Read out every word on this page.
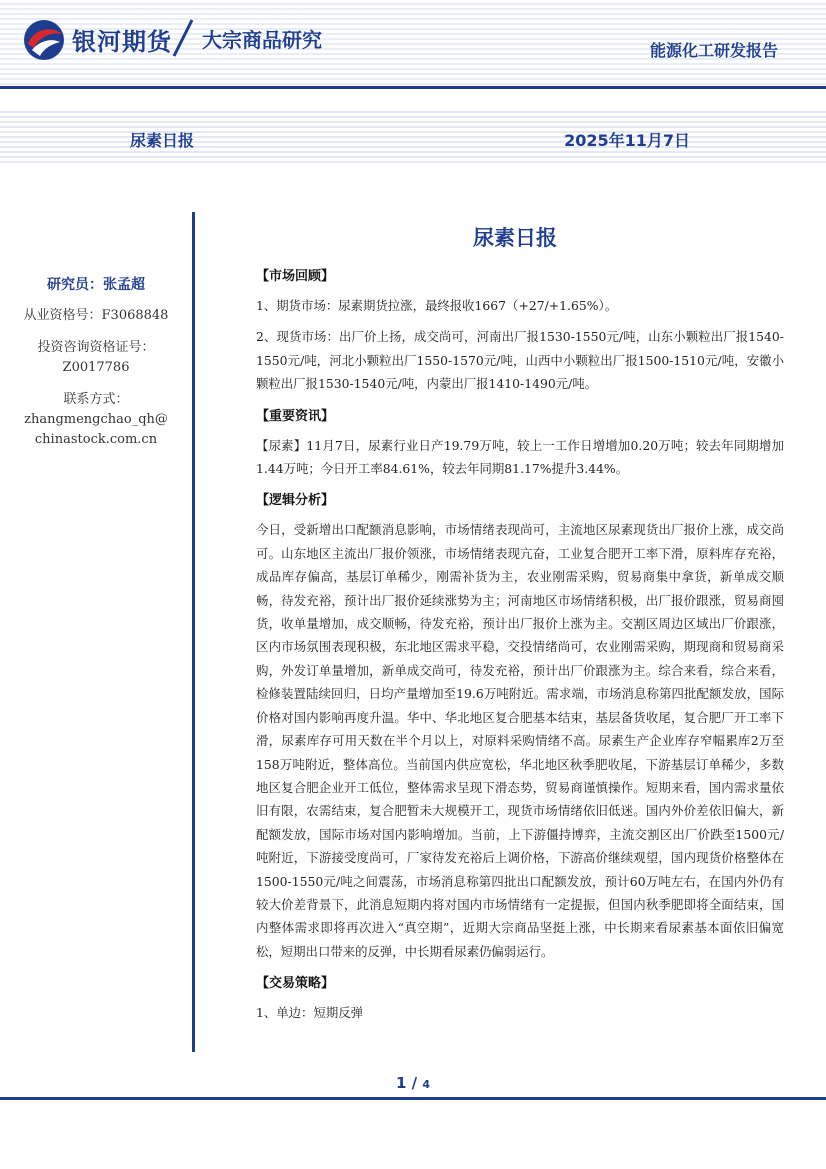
银河期货 大宗商品研究	能源化工研发报告
尿素日报	2025年11月7日
研究员：张孟超
从业资格号：F3068848
投资咨询资格证号：
Z0017786
联系方式：
zhangmengchao_qh@
chinastock.com.cn
尿素日报
【市场回顾】
1、期货市场：尿素期货拉涨，最终报收1667（+27/+1.65%）。
2、现货市场：出厂价上扬，成交尚可，河南出厂报1530-1550元/吨，山东小颗粒出厂报1540-1550元/吨，河北小颗粒出厂1550-1570元/吨，山西中小颗粒出厂报1500-1510元/吨，安徽小颗粒出厂报1530-1540元/吨，内蒙出厂报1410-1490元/吨。
【重要资讯】
【尿素】11月7日，尿素行业日产19.79万吨，较上一工作日增增加0.20万吨；较去年同期增加1.44万吨；今日开工率84.61%，较去年同期81.17%提升3.44%。
【逻辑分析】
今日，受新增出口配额消息影响，市场情绪表现尚可，主流地区尿素现货出厂报价上涨，成交尚可。山东地区主流出厂报价领涨，市场情绪表现亢奋，工业复合肥开工率下滑，原料库存充裕，成品库存偏高，基层订单稀少，刚需补货为主，农业刚需采购，贸易商集中拿货，新单成交顺畅，待发充裕，预计出厂报价延续涨势为主；河南地区市场情绪积极，出厂报价跟涨，贸易商囤货，收单量增加，成交顺畅，待发充裕，预计出厂报价上涨为主。交割区周边区域出厂价跟涨，区内市场氛围表现积极，东北地区需求平稳，交投情绪尚可，农业刚需采购，期现商和贸易商采购，外发订单量增加，新单成交尚可，待发充裕，预计出厂价跟涨为主。综合来看，综合来看，检修装置陆续回归，日均产量增加至19.6万吨附近。需求端，市场消息称第四批配额发放，国际价格对国内影响再度升温。华中、华北地区复合肥基本结束，基层备货收尾，复合肥厂开工率下滑，尿素库存可用天数在半个月以上，对原料采购情绪不高。尿素生产企业库存窄幅累库2万至158万吨附近，整体高位。当前国内供应宽松，华北地区秋季肥收尾，下游基层订单稀少，多数地区复合肥企业开工低位，整体需求呈现下滑态势，贸易商谨慎操作。短期来看，国内需求量依旧有限，农需结束，复合肥暂未大规模开工，现货市场情绪依旧低迷。国内外价差依旧偏大，新配额发放，国际市场对国内影响增加。当前，上下游僵持博弈，主流交割区出厂价跌至1500元/吨附近，下游接受度尚可，厂家待发充裕后上调价格，下游高价继续观望，国内现货价格整体在1500-1550元/吨之间震荡，市场消息称第四批出口配额发放，预计60万吨左右，在国内外仍有较大价差背景下，此消息短期内将对国内市场情绪有一定提振，但国内秋季肥即将全面结束，国内整体需求即将再次进入“真空期”，近期大宗商品坚挺上涨，中长期来看尿素基本面依旧偏宽松，短期出口带来的反弹，中长期看尿素仍偏弱运行。
【交易策略】
1、单边：短期反弹
1 / 4
